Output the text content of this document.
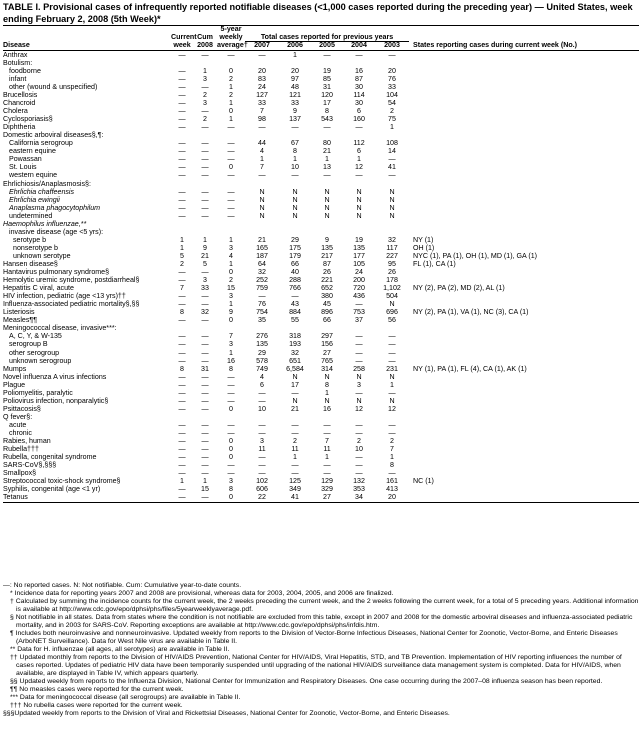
TABLE I. Provisional cases of infrequently reported notifiable diseases (<1,000 cases reported during the preceding year) — United States, week ending February 2, 2008 (5th Week)*
			5-year						
	Current	Cum	weekly	Total cases reported for previous years					
Disease	week	2008	average†	2007	2006	2005	2004	2003	States reporting cases during current week (No.)
Anthrax	—	—	—	—	1	—	—	—	
Botulism:									
foodborne	—	1	0	20	20	19	16	20	
infant	—	3	2	83	97	85	87	76	
other (wound & unspecified)	—	—	1	24	48	31	30	33	
Brucellosis	—	2	2	127	121	120	114	104	
Chancroid	—	3	1	33	33	17	30	54	
Cholera	—	—	0	7	9	8	6	2	
Cyclosporiasis§	—	2	1	98	137	543	160	75	
Diphtheria	—	—	—	—	—	—	—	1	
Domestic arboviral diseases§,¶:									
California serogroup	—	—	—	44	67	80	112	108	
eastern equine	—	—	—	4	8	21	6	14	
Powassan	—	—	—	1	1	1	1	—	
St. Louis	—	—	0	7	10	13	12	41	
western equine	—	—	—	—	—	—	—	—	
Ehrlichiosis/Anaplasmosis§:									
Ehrlichia chaffeensis	—	—	—	N	N	N	N	N	
Ehrlichia ewingii	—	—	—	N	N	N	N	N	
Anaplasma phagocytophilum	—	—	—	N	N	N	N	N	
undetermined	—	—	—	N	N	N	N	N	
Haemophilus influenzae,**									
invasive disease (age <5 yrs):									
serotype b	1	1	1	21	29	9	19	32	NY (1)
nonserotype b	1	9	3	165	175	135	135	117	OH (1)
unknown serotype	5	21	4	187	179	217	177	227	NYC (1), PA (1), OH (1), MD (1), GA (1)
Hansen disease§	2	5	1	64	66	87	105	95	FL (1), CA (1)
Hantavirus pulmonary syndrome§	—	—	0	32	40	26	24	26	
Hemolytic uremic syndrome, postdiarrheal§	—	3	2	252	288	221	200	178	
Hepatitis C viral, acute	7	33	15	759	766	652	720	1,102	NY (2), PA (2), MD (2), AL (1)
HIV infection, pediatric (age <13 yrs)††	—	—	3	—	—	380	436	504	
Influenza-associated pediatric mortality§,§§	—	—	1	76	43	45	—	N	
Listeriosis	8	32	9	754	884	896	753	696	NY (2), PA (1), VA (1), NC (3), CA (1)
Measles¶¶	—	—	0	35	55	66	37	56	
Meningococcal disease, invasive***:									
A, C, Y, & W-135	—	—	7	276	318	297	—	—	
serogroup B	—	—	3	135	193	156	—	—	
other serogroup	—	—	1	29	32	27	—	—	
unknown serogroup	—	—	16	578	651	765	—	—	
Mumps	8	31	8	749	6,584	314	258	231	NY (1), PA (1), FL (4), CA (1), AK (1)
Novel influenza A virus infections	—	—	—	4	N	N	N	N	
Plague	—	—	—	6	17	8	3	1	
Poliomyelitis, paralytic	—	—	—	—	—	1	—	—	
Poliovirus infection, nonparalytic§	—	—	—	—	N	N	N	N	
Psittacosis§	—	—	0	10	21	16	12	12	
Q fever§:									
acute	—	—	—	—	—	—	—	—	
chronic	—	—	—	—	—	—	—	—	
Rabies, human	—	—	0	3	2	7	2	2	
Rubella†††	—	—	0	11	11	11	10	7	
Rubella, congenital syndrome	—	—	0	—	1	1	—	1	
SARS-CoV§,§§§	—	—	—	—	—	—	—	8	
Smallpox§	—	—	—	—	—	—	—	—	
Streptococcal toxic-shock syndrome§	1	1	3	102	125	129	132	161	NC (1)
Syphilis, congenital (age <1 yr)	—	15	8	606	349	329	353	413	
Tetanus	—	—	0	22	41	27	34	20	

—: No reported cases. N: Not notifiable. Cum: Cumulative year-to-date counts.

* Incidence data for reporting years 2007 and 2008 are provisional, whereas data for 2003, 2004, 2005, and 2006 are finalized.

† Calculated by summing the incidence counts for the current week, the 2 weeks preceding the current week, and the 2 weeks following the current week, for a total of 5 preceding years. Additional information is available at http://www.cdc.gov/epo/dphsi/phs/files/5yearweeklyaverage.pdf.

§ Not notifiable in all states. Data from states where the condition is not notifiable are excluded from this table, except in 2007 and 2008 for the domestic arboviral diseases and influenza-associated pediatric mortality, and in 2003 for SARS-CoV. Reporting exceptions are available at http://www.cdc.gov/epo/dphsi/phs/infdis.htm.

¶ Includes both neuroinvasive and nonneuroinvasive. Updated weekly from reports to the Division of Vector-Borne Infectious Diseases, National Center for Zoonotic, Vector-Borne, and Enteric Diseases (ArboNET Surveillance). Data for West Nile virus are available in Table II.

** Data for H. influenzae (all ages, all serotypes) are available in Table II.

†† Updated monthly from reports to the Division of HIV/AIDS Prevention, National Center for HIV/AIDS, Viral Hepatitis, STD, and TB Prevention. Implementation of HIV reporting influences the number of cases reported. Updates of pediatric HIV data have been temporarily suspended until upgrading of the national HIV/AIDS surveillance data management system is completed. Data for HIV/AIDS, when available, are displayed in Table IV, which appears quarterly.

§§ Updated weekly from reports to the Influenza Division, National Center for Immunization and Respiratory Diseases. One case occurring during the 2007–08 influenza season has been reported.

¶¶ No measles cases were reported for the current week.

*** Data for meningococcal disease (all serogroups) are available in Table II.

††† No rubella cases were reported for the current week.

§§§Updated weekly from reports to the Division of Viral and Rickettsial Diseases, National Center for Zoonotic, Vector-Borne, and Enteric Diseases.
